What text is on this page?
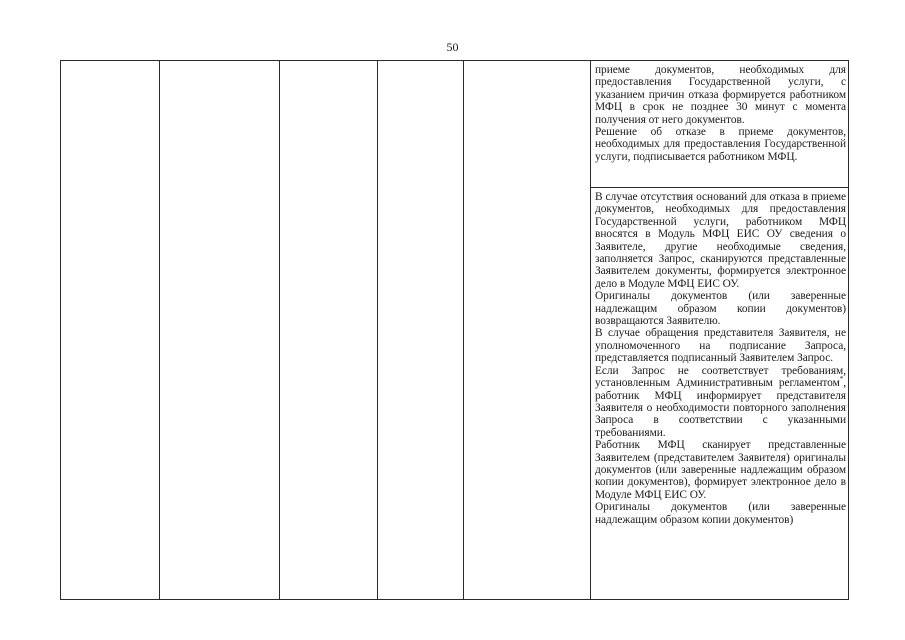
50

приеме документов, необходимых для предоставления Государственной услуги, с указанием причин отказа формируется работником МФЦ в срок не позднее 30 минут с момента получения от него документов.

Решение об отказе в приеме документов, необходимых для предоставления Государственной услуги, подписывается работником МФЦ.

В случае отсутствия оснований для отказа в приеме документов, необходимых для предоставления Государственной услуги, работником МФЦ вносятся в Модуль МФЦ ЕИС ОУ сведения о Заявителе, другие необходимые сведения, заполняется Запрос, сканируются представленные Заявителем документы, формируется электронное дело в Модуле МФЦ ЕИС ОУ.

Оригиналы документов (или заверенные надлежащим образом копии документов) возвращаются Заявителю.

В случае обращения представителя Заявителя, не уполномоченного на подписание Запроса, представляется подписанный Заявителем Запрос.

Если Запрос не соответствует требованиям, установленным Административным регламентом*, работник МФЦ информирует представителя Заявителя о необходимости повторного заполнения Запроса в соответствии с указанными требованиями.

Работник МФЦ сканирует представленные Заявителем (представителем Заявителя) оригиналы документов (или заверенные надлежащим образом копии документов), формирует электронное дело в Модуле МФЦ ЕИС ОУ.

Оригиналы документов (или заверенные надлежащим образом копии документов)
